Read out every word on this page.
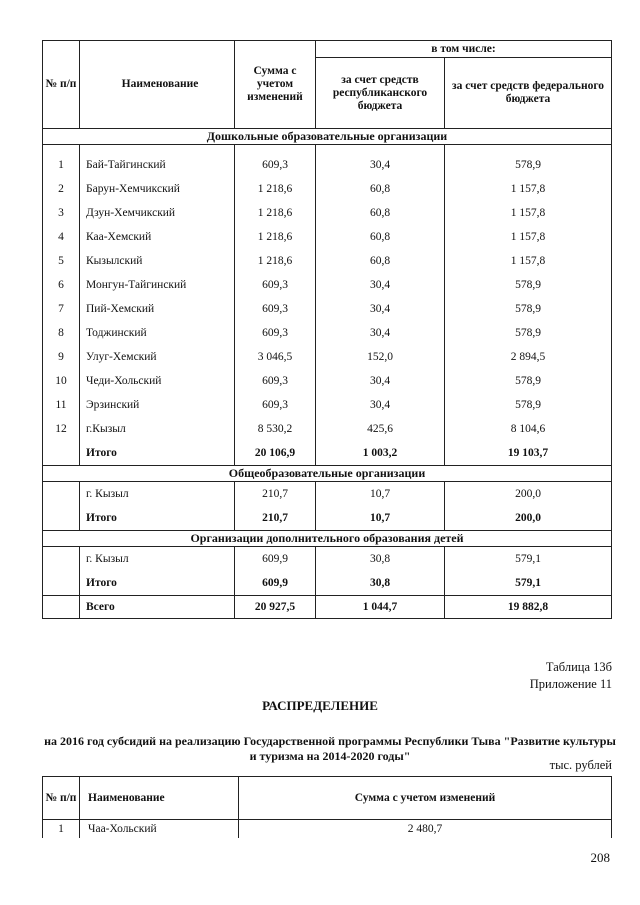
№ п/п	Наименование	Сумма с учетом изменений	в том числе:	
			за счет средств республиканского бюджета	за счет средств федерального бюджета
Дошкольные образовательные организации				

1	Бай-Тайгинский	609,3	30,4	578,9
2	Барун-Хемчикский	1 218,6	60,8	1 157,8
3	Дзун-Хемчикский	1 218,6	60,8	1 157,8
4	Каа-Хемский	1 218,6	60,8	1 157,8
5	Кызылский	1 218,6	60,8	1 157,8
6	Монгун-Тайгинский	609,3	30,4	578,9
7	Пий-Хемский	609,3	30,4	578,9
8	Тоджинский	609,3	30,4	578,9
9	Улуг-Хемский	3 046,5	152,0	2 894,5
10	Чеди-Хольский	609,3	30,4	578,9
11	Эрзинский	609,3	30,4	578,9
12	г.Кызыл	8 530,2	425,6	8 104,6
	Итого	20 106,9	1 003,2	19 103,7
Общеобразовательные организации				
	г. Кызыл	210,7	10,7	200,0
	Итого	210,7	10,7	200,0
Организации дополнительного образования детей				
	г. Кызыл	609,9	30,8	579,1
	Итого	609,9	30,8	579,1
	Всего	20 927,5	1 044,7	19 882,8
Таблица 13б
Приложение 11
РАСПРЕДЕЛЕНИЕ
на 2016 год субсидий на реализацию Государственной программы Республики Тыва "Развитие культуры и туризма на 2014-2020 годы"
тыс. рублей
№ п/п	Наименование	Сумма с учетом изменений
1	Чаа-Хольский	2 480,7
208
